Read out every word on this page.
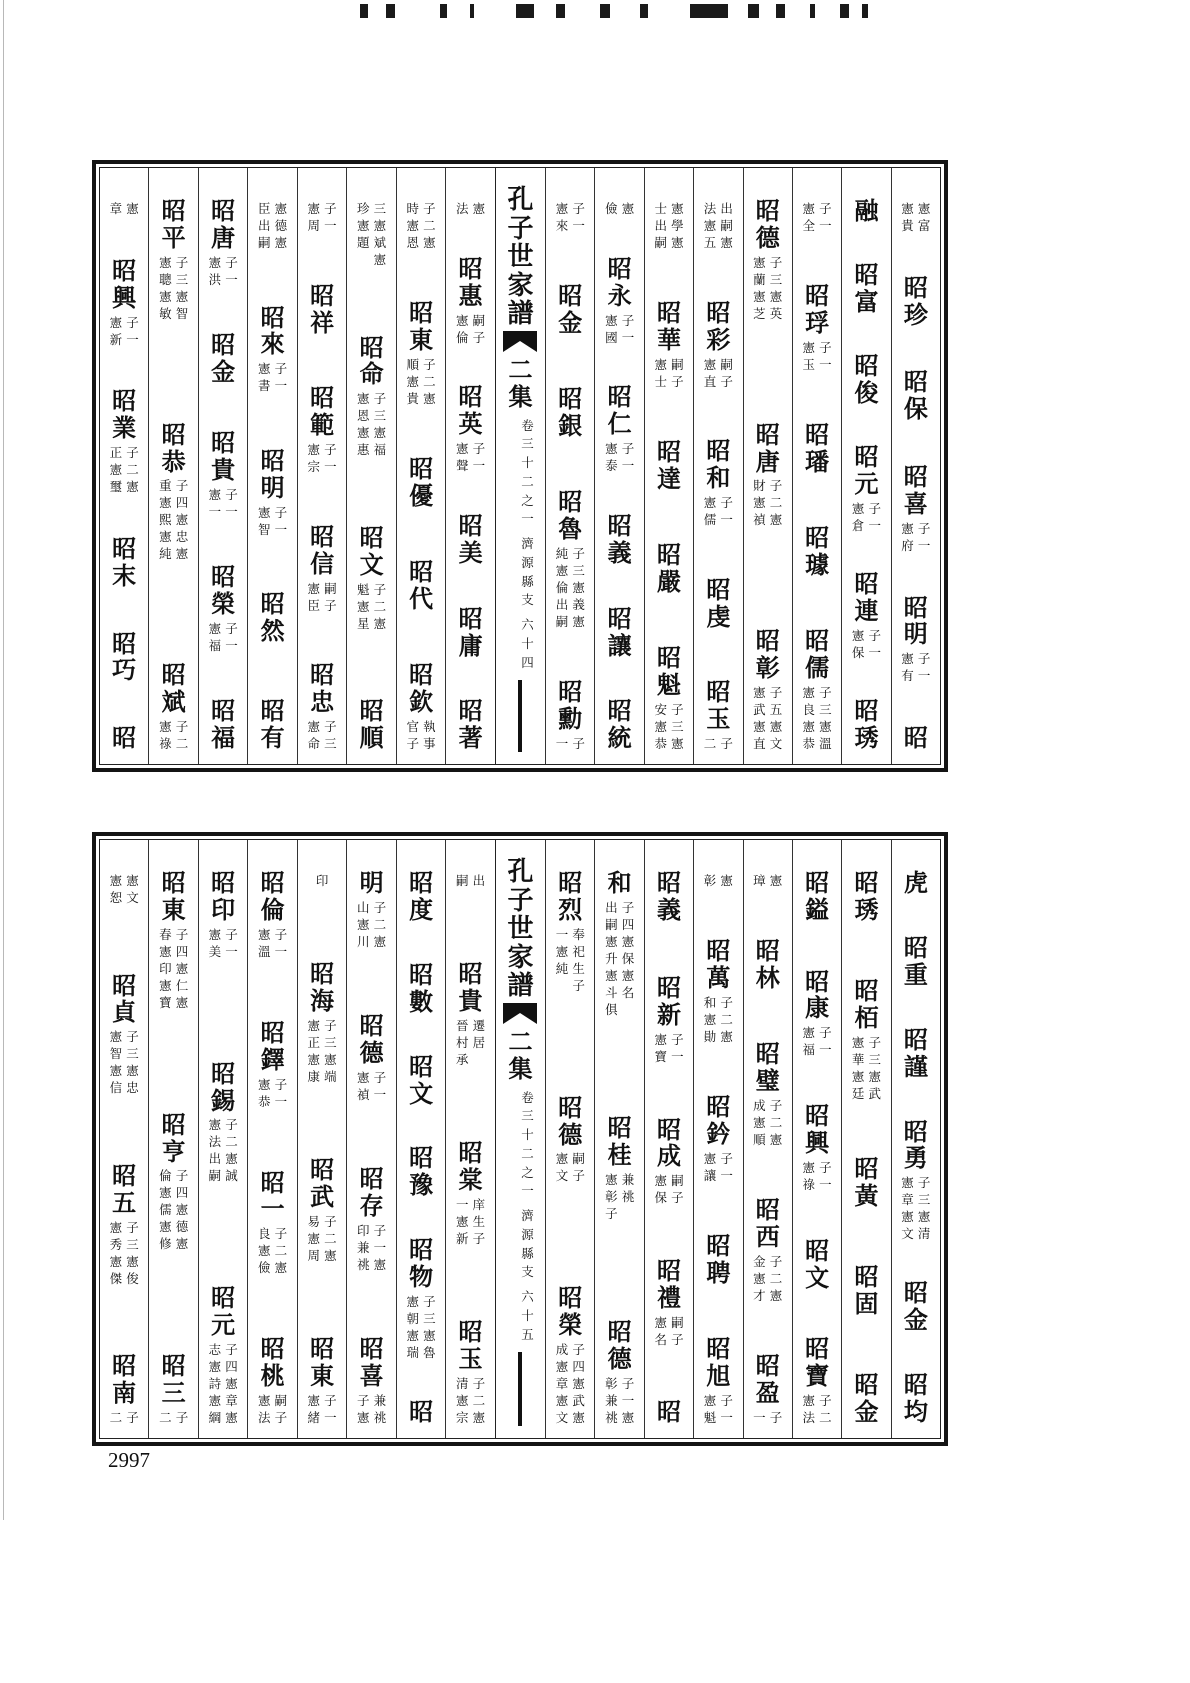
憲富
憲貴
昭珍
昭保
昭喜
子一
憲府
昭明
子一
憲有
昭
融
昭富
昭俊
昭元
子一
憲倉
昭連
子一
憲保
昭琇
子一
憲全
昭琈
子一
憲玉
昭璠
昭璩
昭儒
子三憲溫
憲良憲恭
昭德
子三憲英
憲蘭憲芝
昭唐
子二憲
財憲禎
昭彰
子五憲文
憲武憲直
出嗣憲
法憲五
昭彩
嗣子
憲直
昭和
子一
憲儒
昭虔
昭玉
子
二
憲學憲
士出嗣
昭華
嗣子
憲士
昭達
昭嚴
昭魁
子三憲
安憲恭
憲
儉
昭永
子一
憲國
昭仁
子一
憲泰
昭義
昭讓
昭統
子一
憲來
昭金
昭銀
昭魯
子三憲義憲
純憲倫出嗣
昭勳
子
一
孔子世家譜
二集
卷三十二之一
濟源縣支
六十四
憲
法
昭惠
嗣子
憲倫
昭英
子一
憲聲
昭美
昭庸
昭著
子二憲
時憲恩
昭東
子二憲
順憲貴
昭優
昭代
昭欽
執事
官子
三憲斌憲
珍憲題
昭命
子三憲福
憲恩憲惠
昭文
子二憲
魁憲星
昭順
子一
憲周
昭祥
昭範
子一
憲宗
昭信
嗣子
憲臣
昭忠
子三
憲命
憲德憲
臣出嗣
昭來
子一
憲書
昭明
子一
憲智
昭然
昭有
昭唐
子一
憲洪
昭金
昭貴
子一
憲一
昭榮
子一
憲福
昭福
昭平
子三憲智
憲聰憲敏
昭恭
子四憲忠憲
重憲熙憲純
昭斌
子二
憲祿
憲
章
昭興
子一
憲新
昭業
子二憲
正憲璽
昭末
昭巧
昭
虎
昭重
昭謹
昭勇
子三憲清
憲章憲文
昭金
昭均
昭琇
昭栢
子三憲武
憲華憲廷
昭黃
昭固
昭金
昭鎰
昭康
子一
憲福
昭興
子一
憲祿
昭文
昭寶
子二
憲法
憲
璋
昭林
昭璧
子二憲
成憲順
昭西
子二憲
金憲才
昭盈
子
一
憲
彰
昭萬
子二憲
和憲勛
昭鈐
子一
憲讓
昭聘
昭旭
子一
憲魁
昭義
昭新
子一
憲寶
昭成
嗣子
憲保
昭禮
嗣子
憲名
昭
和
子四憲保憲名
出嗣憲升憲斗俱
昭桂
兼祧
憲彰子
昭德
子一憲
彰兼祧
昭烈
奉祀生子
一憲純
昭德
嗣子
憲文
昭榮
子四憲武憲
成憲章憲文
孔子世家譜
二集
卷三十二之一
濟源縣支
六十五
出
嗣
昭貴
遷居
晉村承
昭棠
庠生子
一憲新
昭玉
子二憲
清憲宗
昭度
昭數
昭文
昭豫
昭物
子三憲魯
憲朝憲瑞
昭
明
子二憲
山憲川
昭德
子一
憲禎
昭存
子一憲
印兼祧
昭喜
兼祧
子憲
印
昭海
子三憲端
憲正憲康
昭武
子二憲
易憲周
昭東
子一
憲緒
昭倫
子一
憲溫
昭鐸
子一
憲恭
昭一
子二憲
良憲儉
昭桃
嗣子
憲法
昭印
子一
憲美
昭錫
子二憲誠
憲法出嗣
昭元
子四憲章憲
志憲詩憲綱
昭東
子四憲仁憲
春憲印憲寶
昭亨
子四憲德憲
倫憲儒憲修
昭三
子
二
憲文
憲恕
昭貞
子三憲忠
憲智憲信
昭五
子三憲俊
憲秀憲傑
昭南
子
二
2997
